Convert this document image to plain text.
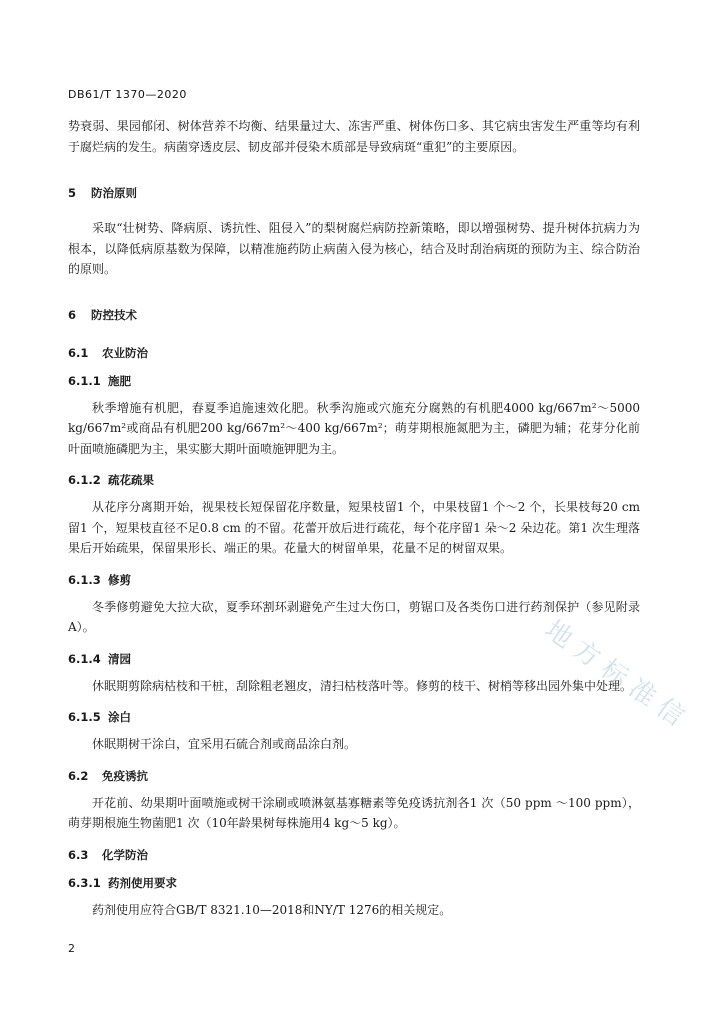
DB61/T 1370—2020

势衰弱、果园郁闭、树体营养不均衡、结果量过大、冻害严重、树体伤口多、其它病虫害发生严重等均有利于腐烂病的发生。病菌穿透皮层、韧皮部并侵染木质部是导致病斑“重犯”的主要原因。

5 防治原则

采取“壮树势、降病原、诱抗性、阻侵入”的梨树腐烂病防控新策略，即以增强树势、提升树体抗病力为根本，以降低病原基数为保障，以精准施药防止病菌入侵为核心，结合及时刮治病斑的预防为主、综合防治的原则。

6 防控技术
6.1 农业防治
6.1.1 施肥

秋季增施有机肥，春夏季追施速效化肥。秋季沟施或穴施充分腐熟的有机肥4000 kg/667m²～5000 kg/667m²或商品有机肥200 kg/667m²～400 kg/667m²；萌芽期根施氮肥为主，磷肥为辅；花芽分化前叶面喷施磷肥为主，果实膨大期叶面喷施钾肥为主。

6.1.2 疏花疏果

从花序分离期开始，视果枝长短保留花序数量，短果枝留1 个，中果枝留1 个～2 个，长果枝每20 cm 留1 个，短果枝直径不足0.8 cm 的不留。花蕾开放后进行疏花，每个花序留1 朵～2 朵边花。第1 次生理落果后开始疏果，保留果形长、端正的果。花量大的树留单果，花量不足的树留双果。

6.1.3 修剪

冬季修剪避免大拉大砍，夏季环割环剥避免产生过大伤口，剪锯口及各类伤口进行药剂保护（参见附录A）。

6.1.4 清园

休眠期剪除病枯枝和干桩，刮除粗老翘皮，清扫枯枝落叶等。修剪的枝干、树梢等移出园外集中处理。

6.1.5 涂白

休眠期树干涂白，宜采用石硫合剂或商品涂白剂。

6.2 免疫诱抗

开花前、幼果期叶面喷施或树干涂刷或喷淋氨基寡糖素等免疫诱抗剂各1 次（50 ppm ～100 ppm），萌芽期根施生物菌肥1 次（10年龄果树每株施用4 kg～5 kg）。

6.3 化学防治
6.3.1 药剂使用要求

药剂使用应符合GB/T 8321.10—2018和NY/T 1276的相关规定。

地方标准信
2
